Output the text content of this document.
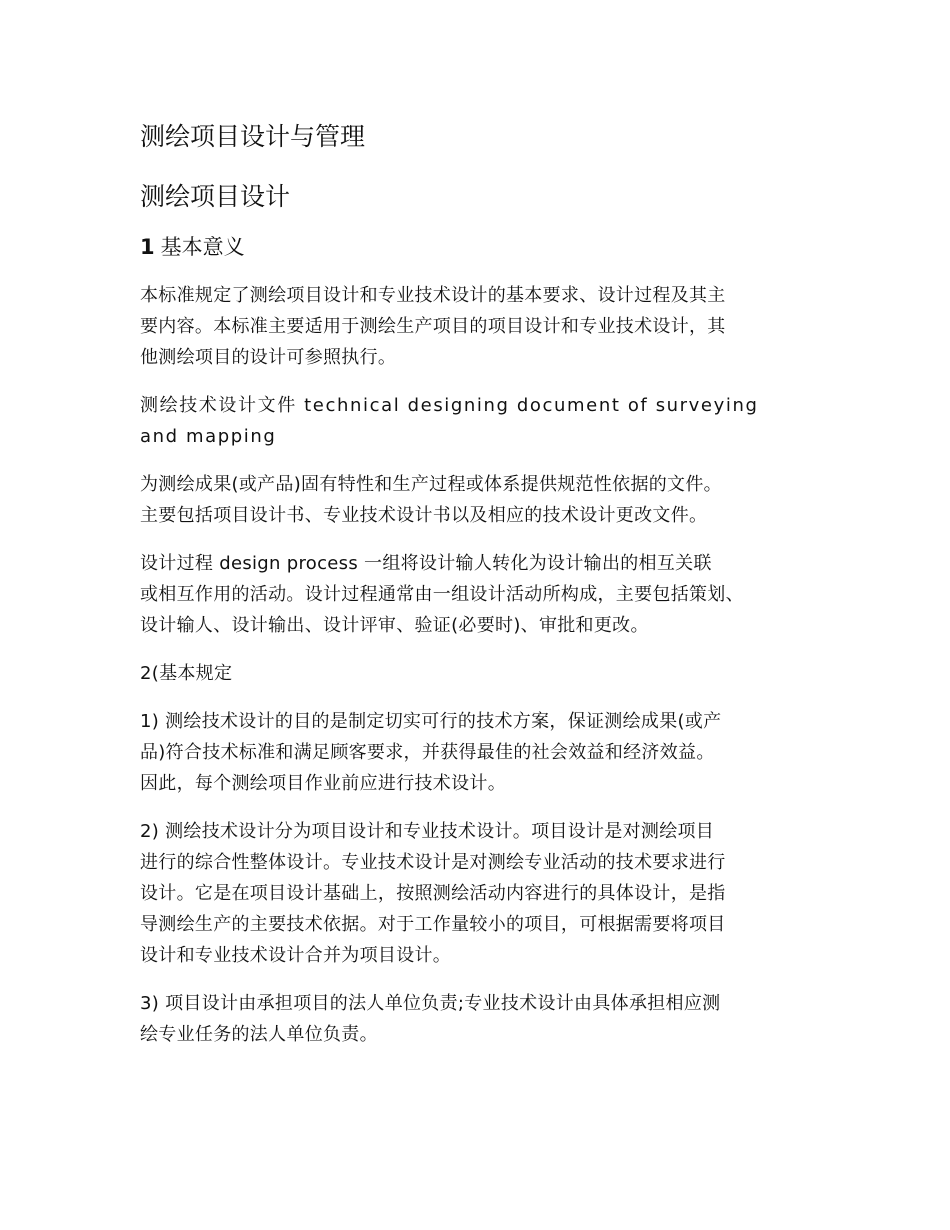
测绘项目设计与管理
测绘项目设计
1 基本意义
本标准规定了测绘项目设计和专业技术设计的基本要求、设计过程及其主
要内容。本标准主要适用于测绘生产项目的项目设计和专业技术设计，其
他测绘项目的设计可参照执行。
测绘技术设计文件 technical designing document of surveying
and mapping
为测绘成果(或产品)固有特性和生产过程或体系提供规范性依据的文件。
主要包括项目设计书、专业技术设计书以及相应的技术设计更改文件。
设计过程 design process 一组将设计输人转化为设计输出的相互关联
或相互作用的活动。设计过程通常由一组设计活动所构成，主要包括策划、
设计输人、设计输出、设计评审、验证(必要时)、审批和更改。
2(基本规定
1) 测绘技术设计的目的是制定切实可行的技术方案，保证测绘成果(或产
品)符合技术标准和满足顾客要求，并获得最佳的社会效益和经济效益。
因此，每个测绘项目作业前应进行技术设计。
2) 测绘技术设计分为项目设计和专业技术设计。项目设计是对测绘项目
进行的综合性整体设计。专业技术设计是对测绘专业活动的技术要求进行
设计。它是在项目设计基础上，按照测绘活动内容进行的具体设计，是指
导测绘生产的主要技术依据。对于工作量较小的项目，可根据需要将项目
设计和专业技术设计合并为项目设计。
3) 项目设计由承担项目的法人单位负责;专业技术设计由具体承担相应测
绘专业任务的法人单位负责。
